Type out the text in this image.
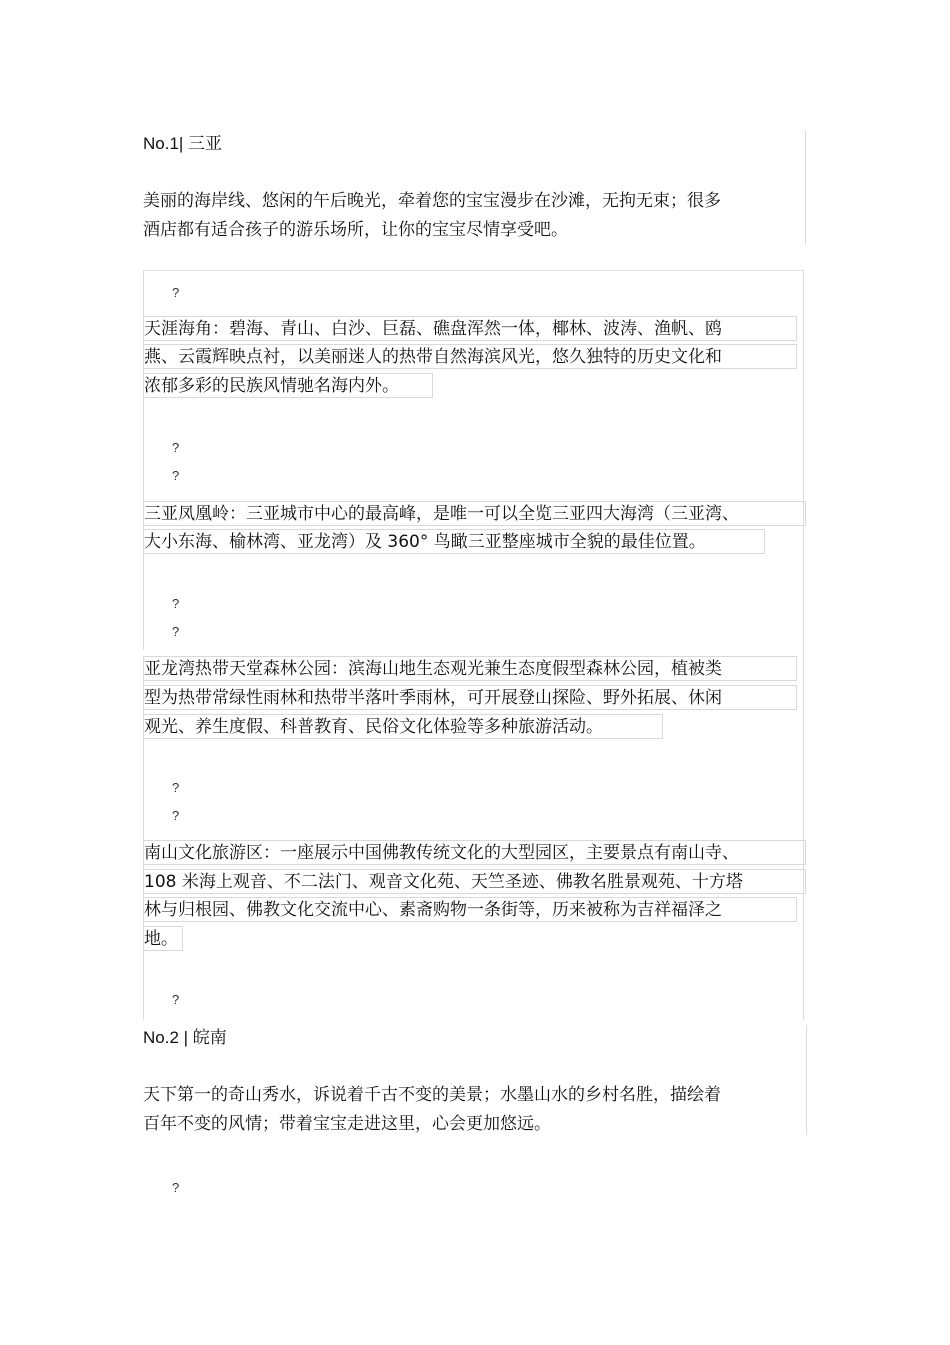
No.1| 三亚
美丽的海岸线、悠闲的午后晚光，牵着您的宝宝漫步在沙滩，无拘无束；很多
酒店都有适合孩子的游乐场所，让你的宝宝尽情享受吧。
?
天涯海角：碧海、青山、白沙、巨磊、礁盘浑然一体，椰林、波涛、渔帆、鸥
燕、云霞辉映点衬，以美丽迷人的热带自然海滨风光，悠久独特的历史文化和
浓郁多彩的民族风情驰名海内外。
?
?
三亚凤凰岭：三亚城市中心的最高峰，是唯一可以全览三亚四大海湾（三亚湾、
大小东海、榆林湾、亚龙湾）及 360° 鸟瞰三亚整座城市全貌的最佳位置。
?
?
亚龙湾热带天堂森林公园：滨海山地生态观光兼生态度假型森林公园，植被类
型为热带常绿性雨林和热带半落叶季雨林，可开展登山探险、野外拓展、休闲
观光、养生度假、科普教育、民俗文化体验等多种旅游活动。
?
?
南山文化旅游区：一座展示中国佛教传统文化的大型园区，主要景点有南山寺、
108 米海上观音、不二法门、观音文化苑、天竺圣迹、佛教名胜景观苑、十方塔
林与归根园、佛教文化交流中心、素斋购物一条街等，历来被称为吉祥福泽之
地。
?
No.2 | 皖南
天下第一的奇山秀水，诉说着千古不变的美景；水墨山水的乡村名胜，描绘着
百年不变的风情；带着宝宝走进这里，心会更加悠远。
?
